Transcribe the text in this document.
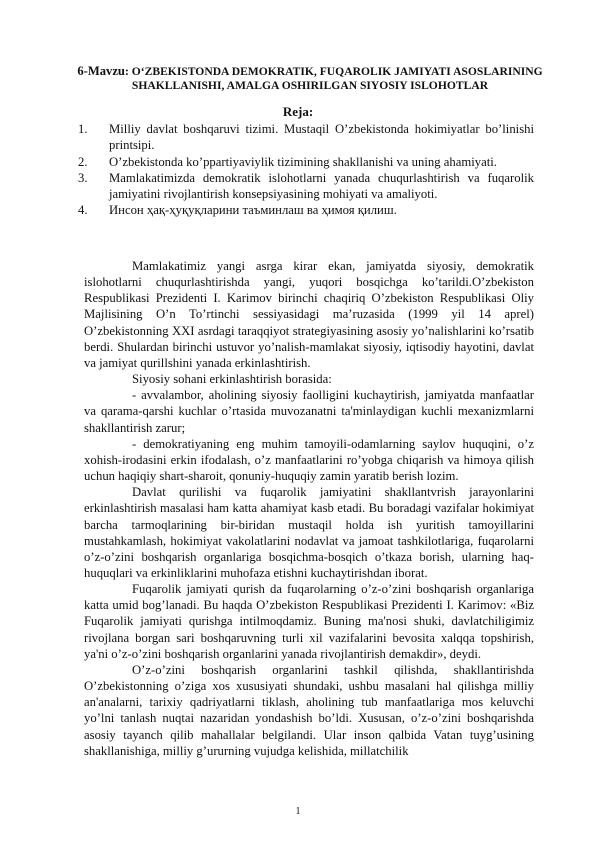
6-Mavzu: O‘ZBEKISTONDA DEMOKRATIK, FUQAROLIK JAMIYATI ASOSLARINING SHAKLLANISHI, AMALGA OSHIRILGAN SIYOSIY ISLOHOTLAR
Reja:
1.	Milliy davlat boshqaruvi tizimi. Mustaqil O’zbekistonda hokimiyatlar bo’linishi printsipi.
2.	O’zbekistonda ko’ppartiyaviylik tizimining shakllanishi va uning ahamiyati.
3.	Mamlakatimizda demokratik islohotlarni yanada chuqurlashtirish va fuqarolik jamiyatini rivojlantirish konsepsiyasining mohiyati va amaliyoti.
4.	Инсон ҳақ-ҳуқуқларини таъминлаш ва ҳимоя қилиш.

Mamlakatimiz yangi asrga kirar ekan, jamiyatda siyosiy, demokratik islohotlarni chuqurlashtirishda yangi, yuqori bosqichga ko’tarildi.O’zbekiston Respublikasi Prezidenti I. Karimov birinchi chaqiriq O’zbekiston Respublikasi Oliy Majlisining O’n To’rtinchi sessiyasidagi ma’ruzasida (1999 yil 14 aprel) O’zbekistonning XXI asrdagi taraqqiyot strategiyasining asosiy yo’nalishlarini ko’rsatib berdi. Shulardan birinchi ustuvor yo’nalish-mamlakat siyosiy, iqtisodiy hayotini, davlat va jamiyat qurillshini yanada erkinlashtirish.

Siyosiy sohani erkinlashtirish borasida:

- avvalambor, aholining siyosiy faolligini kuchaytirish, jamiyatda manfaatlar va qarama-qarshi kuchlar o’rtasida muvozanatni ta'minlaydigan kuchli mexanizmlarni shakllantirish zarur;

- demokratiyaning eng muhim tamoyili-odamlarning saylov huquqini, o’z xohish-irodasini erkin ifodalash, o’z manfaatlarini ro’yobga chiqarish va himoya qilish uchun haqiqiy shart-sharoit, qonuniy-huquqiy zamin yaratib berish lozim.

Davlat qurilishi va fuqarolik jamiyatini shakllantvrish jarayonlarini erkinlashtirish masalasi ham katta ahamiyat kasb etadi. Bu boradagi vazifalar hokimiyat barcha tarmoqlarining bir-biridan mustaqil holda ish yuritish tamoyillarini mustahkamlash, hokimiyat vakolatlarini nodavlat va jamoat tashkilotlariga, fuqarolarni o’z-o’zini boshqarish organlariga bosqichma-bosqich o’tkaza borish, ularning haq-huquqlari va erkinliklarini muhofaza etishni kuchaytirishdan iborat.

Fuqarolik jamiyati qurish da fuqarolarning o’z-o’zini boshqarish organlariga katta umid bog’lanadi. Bu haqda O’zbekiston Respublikasi Prezidenti I. Karimov: «Biz Fuqarolik jamiyati qurishga intilmoqdamiz. Buning ma'nosi shuki, davlatchiligimiz rivojlana borgan sari boshqaruvning turli xil vazifalarini bevosita xalqqa topshirish, ya'ni o’z-o’zini boshqarish organlarini yanada rivojlantirish demakdir», deydi.

O’z-o’zini boshqarish organlarini tashkil qilishda, shakllantirishda O’zbekistonning o’ziga xos xususiyati shundaki, ushbu masalani hal qilishga milliy an'analarni, tarixiy qadriyatlarni tiklash, aholining tub manfaatlariga mos keluvchi yo’lni tanlash nuqtai nazaridan yondashish bo’ldi. Xususan, o’z-o’zini boshqarishda asosiy tayanch qilib mahallalar belgilandi. Ular inson qalbida Vatan tuyg’usining shakllanishiga, milliy g’ururning vujudga kelishida, millatchilik

1
